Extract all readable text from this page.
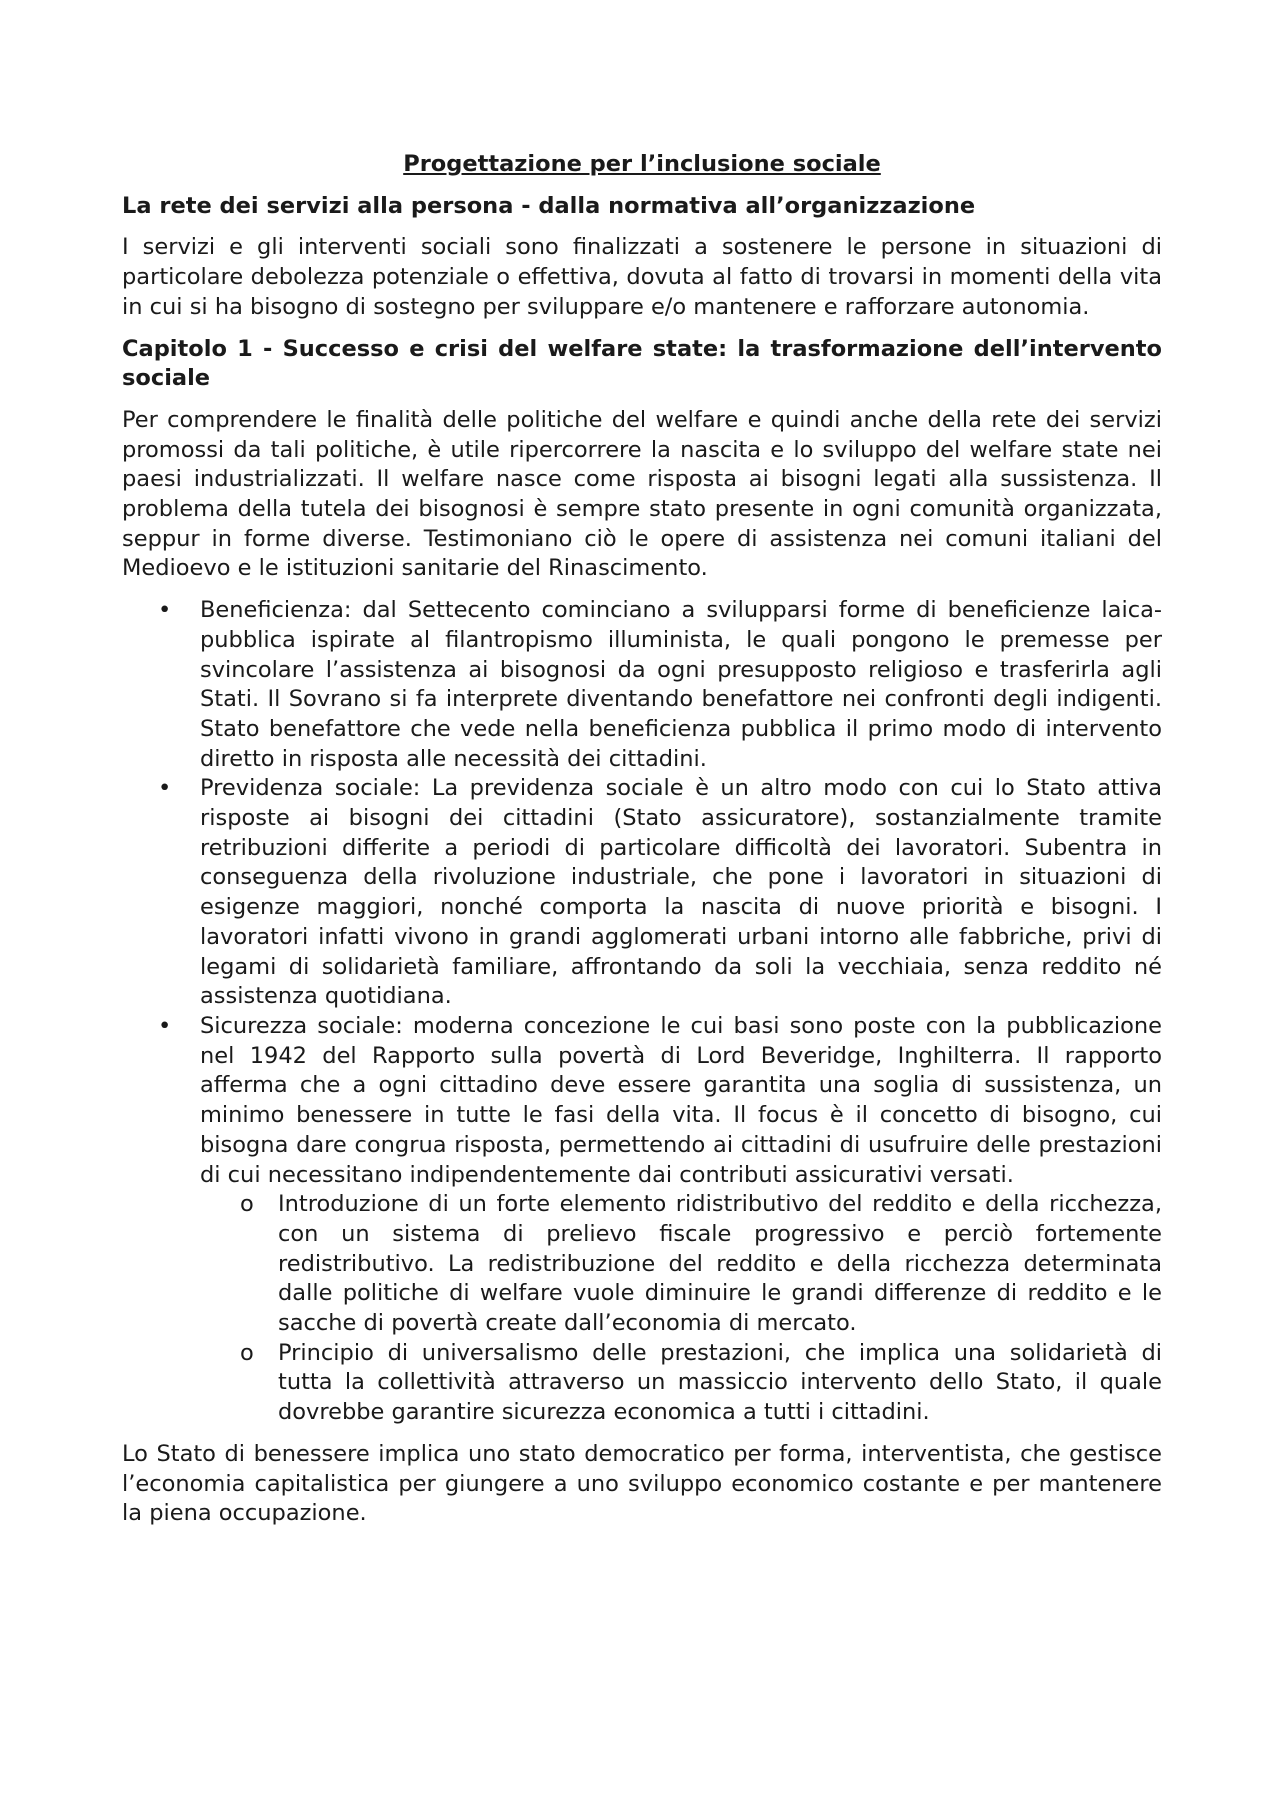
Progettazione per l’inclusione sociale
La rete dei servizi alla persona - dalla normativa all’organizzazione

I servizi e gli interventi sociali sono finalizzati a sostenere le persone in situazioni di particolare debolezza potenziale o effettiva, dovuta al fatto di trovarsi in momenti della vita in cui si ha bisogno di sostegno per sviluppare e/o mantenere e rafforzare autonomia.

Capitolo 1 - Successo e crisi del welfare state: la trasformazione dell’intervento sociale

Per comprendere le finalità delle politiche del welfare e quindi anche della rete dei servizi promossi da tali politiche, è utile ripercorrere la nascita e lo sviluppo del welfare state nei paesi industrializzati. Il welfare nasce come risposta ai bisogni legati alla sussistenza. Il problema della tutela dei bisognosi è sempre stato presente in ogni comunità organizzata, seppur in forme diverse. Testimoniano ciò le opere di assistenza nei comuni italiani del Medioevo e le istituzioni sanitarie del Rinascimento.

• Beneficienza: dal Settecento cominciano a svilupparsi forme di beneficienze laica-pubblica ispirate al filantropismo illuminista, le quali pongono le premesse per svincolare l’assistenza ai bisognosi da ogni presupposto religioso e trasferirla agli Stati. Il Sovrano si fa interprete diventando benefattore nei confronti degli indigenti. Stato benefattore che vede nella beneficienza pubblica il primo modo di intervento diretto in risposta alle necessità dei cittadini.
• Previdenza sociale: La previdenza sociale è un altro modo con cui lo Stato attiva risposte ai bisogni dei cittadini (Stato assicuratore), sostanzialmente tramite retribuzioni differite a periodi di particolare difficoltà dei lavoratori. Subentra in conseguenza della rivoluzione industriale, che pone i lavoratori in situazioni di esigenze maggiori, nonché comporta la nascita di nuove priorità e bisogni. I lavoratori infatti vivono in grandi agglomerati urbani intorno alle fabbriche, privi di legami di solidarietà familiare, affrontando da soli la vecchiaia, senza reddito né assistenza quotidiana.
• Sicurezza sociale: moderna concezione le cui basi sono poste con la pubblicazione nel 1942 del Rapporto sulla povertà di Lord Beveridge, Inghilterra. Il rapporto afferma che a ogni cittadino deve essere garantita una soglia di sussistenza, un minimo benessere in tutte le fasi della vita. Il focus è il concetto di bisogno, cui bisogna dare congrua risposta, permettendo ai cittadini di usufruire delle prestazioni di cui necessitano indipendentemente dai contributi assicurativi versati.
o Introduzione di un forte elemento ridistributivo del reddito e della ricchezza, con un sistema di prelievo fiscale progressivo e perciò fortemente redistributivo. La redistribuzione del reddito e della ricchezza determinata dalle politiche di welfare vuole diminuire le grandi differenze di reddito e le sacche di povertà create dall’economia di mercato.
o Principio di universalismo delle prestazioni, che implica una solidarietà di tutta la collettività attraverso un massiccio intervento dello Stato, il quale dovrebbe garantire sicurezza economica a tutti i cittadini.

Lo Stato di benessere implica uno stato democratico per forma, interventista, che gestisce l’economia capitalistica per giungere a uno sviluppo economico costante e per mantenere la piena occupazione.
